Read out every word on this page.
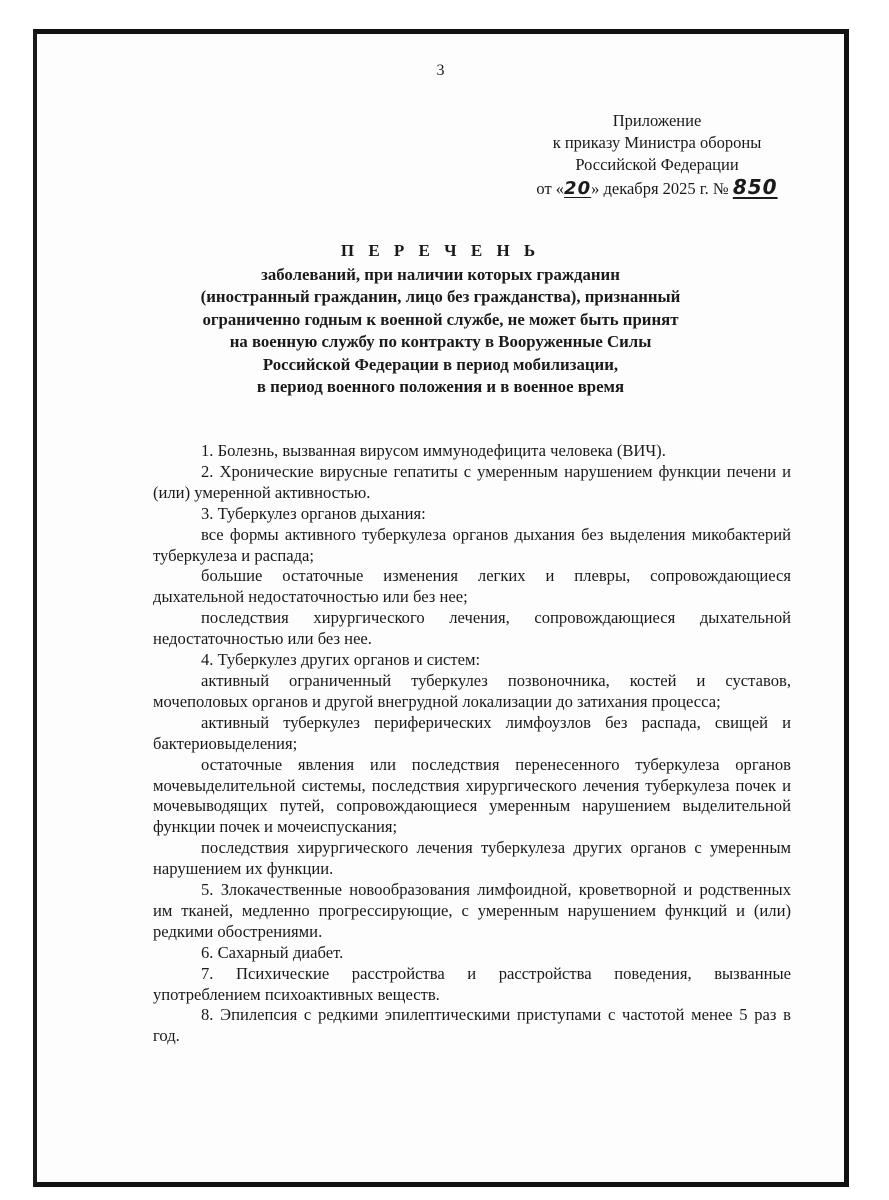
3
Приложение
к приказу Министра обороны
Российской Федерации
от «20» декабря 2025 г. № 850
П Е Р Е Ч Е Н Ь
заболеваний, при наличии которых гражданин
(иностранный гражданин, лицо без гражданства), признанный
ограниченно годным к военной службе, не может быть принят
на военную службу по контракту в Вооруженные Силы
Российской Федерации в период мобилизации,
в период военного положения и в военное время

1. Болезнь, вызванная вирусом иммунодефицита человека (ВИЧ).

2. Хронические вирусные гепатиты с умеренным нарушением функции печени и (или) умеренной активностью.

3. Туберкулез органов дыхания:

все формы активного туберкулеза органов дыхания без выделения микобактерий туберкулеза и распада;

большие остаточные изменения легких и плевры, сопровождающиеся дыхательной недостаточностью или без нее;

последствия хирургического лечения, сопровождающиеся дыхательной недостаточностью или без нее.

4. Туберкулез других органов и систем:

активный ограниченный туберкулез позвоночника, костей и суставов, мочеполовых органов и другой внегрудной локализации до затихания процесса;

активный туберкулез периферических лимфоузлов без распада, свищей и бактериовыделения;

остаточные явления или последствия перенесенного туберкулеза органов мочевыделительной системы, последствия хирургического лечения туберкулеза почек и мочевыводящих путей, сопровождающиеся умеренным нарушением выделительной функции почек и мочеиспускания;

последствия хирургического лечения туберкулеза других органов с умеренным нарушением их функции.

5. Злокачественные новообразования лимфоидной, кроветворной и родственных им тканей, медленно прогрессирующие, с умеренным нарушением функций и (или) редкими обострениями.

6. Сахарный диабет.

7. Психические расстройства и расстройства поведения, вызванные употреблением психоактивных веществ.

8. Эпилепсия с редкими эпилептическими приступами с частотой менее 5 раз в год.
